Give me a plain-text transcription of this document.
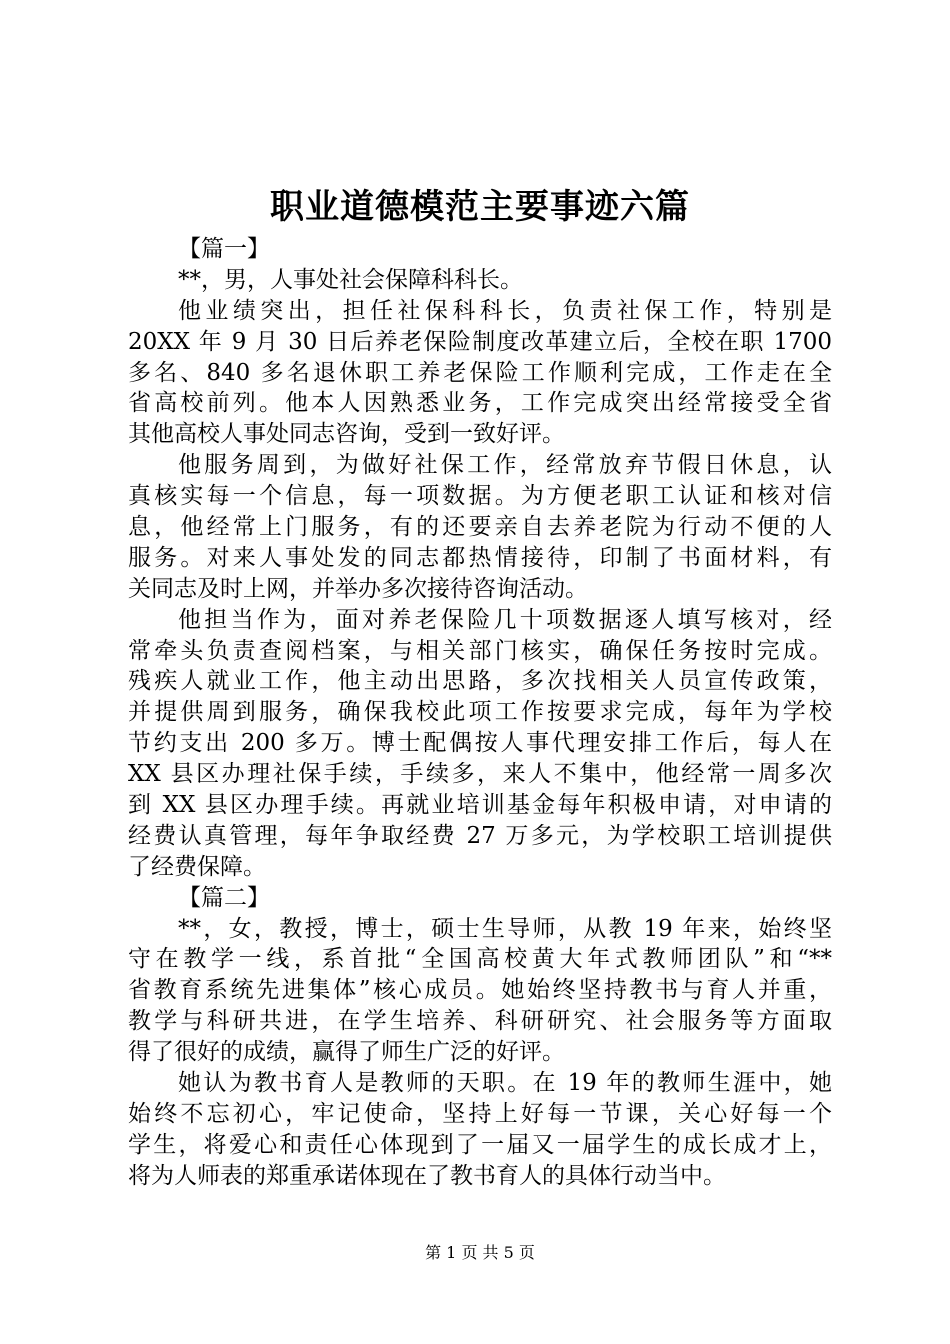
职业道德模范主要事迹六篇
【篇一】
**，男，人事处社会保障科科长。
他业绩突出，担任社保科科长，负责社保工作，特别是
20XX 年 9 月 30 日后养老保险制度改革建立后，全校在职 1700
多名、840 多名退休职工养老保险工作顺利完成，工作走在全
省高校前列。他本人因熟悉业务，工作完成突出经常接受全省
其他高校人事处同志咨询，受到一致好评。
他服务周到，为做好社保工作，经常放弃节假日休息，认
真核实每一个信息，每一项数据。为方便老职工认证和核对信
息，他经常上门服务，有的还要亲自去养老院为行动不便的人
服务。对来人事处发的同志都热情接待，印制了书面材料，有
关同志及时上网，并举办多次接待咨询活动。
他担当作为，面对养老保险几十项数据逐人填写核对，经
常牵头负责查阅档案，与相关部门核实，确保任务按时完成。
残疾人就业工作，他主动出思路，多次找相关人员宣传政策，
并提供周到服务，确保我校此项工作按要求完成，每年为学校
节约支出 200 多万。博士配偶按人事代理安排工作后，每人在
XX 县区办理社保手续，手续多，来人不集中，他经常一周多次
到 XX 县区办理手续。再就业培训基金每年积极申请，对申请的
经费认真管理，每年争取经费 27 万多元，为学校职工培训提供
了经费保障。
【篇二】
**，女，教授，博士，硕士生导师，从教 19 年来，始终坚
守在教学一线，系首批“全国高校黄大年式教师团队”和“**
省教育系统先进集体”核心成员。她始终坚持教书与育人并重，
教学与科研共进，在学生培养、科研研究、社会服务等方面取
得了很好的成绩，赢得了师生广泛的好评。
她认为教书育人是教师的天职。在 19 年的教师生涯中，她
始终不忘初心，牢记使命，坚持上好每一节课，关心好每一个
学生，将爱心和责任心体现到了一届又一届学生的成长成才上，
将为人师表的郑重承诺体现在了教书育人的具体行动当中。
第 1 页 共 5 页
